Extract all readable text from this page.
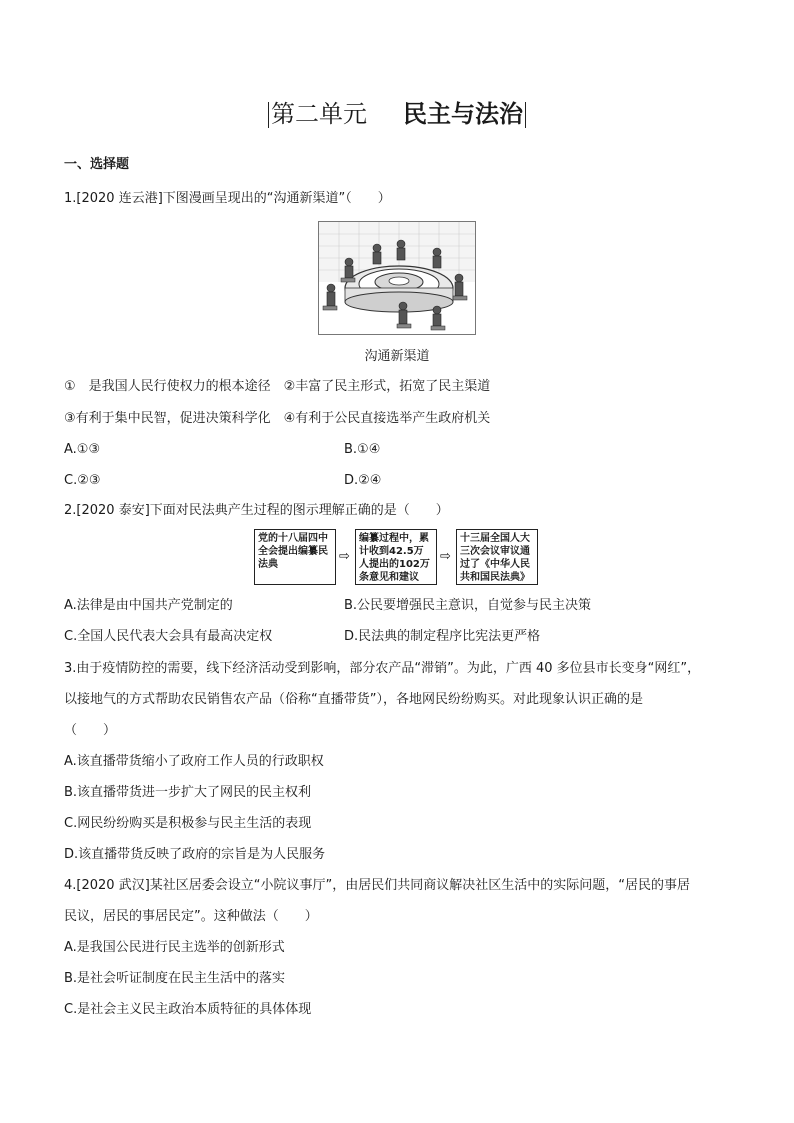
第二单元 民主与法治
一、选择题
1.[2020 连云港]下图漫画呈现出的“沟通新渠道”（　　）
沟通新渠道
①　是我国人民行使权力的根本途径　②丰富了民主形式，拓宽了民主渠道
③有利于集中民智，促进决策科学化　④有利于公民直接选举产生政府机关
A.①③	B.①④
C.②③	D.②④
2.[2020 泰安]下面对民法典产生过程的图示理解正确的是（　　）
党的十八届四中全会提出编纂民法典
⇨
编纂过程中，累计收到42.5万人提出的102万条意见和建议
⇨
十三届全国人大三次会议审议通过了《中华人民共和国民法典》
A.法律是由中国共产党制定的	B.公民要增强民主意识，自觉参与民主决策
C.全国人民代表大会具有最高决定权	D.民法典的制定程序比宪法更严格
3.由于疫情防控的需要，线下经济活动受到影响，部分农产品“滞销”。为此，广西 40 多位县市长变身“网红”，
以接地气的方式帮助农民销售农产品（俗称“直播带货”），各地网民纷纷购买。对此现象认识正确的是
（　　）
A.该直播带货缩小了政府工作人员的行政职权
B.该直播带货进一步扩大了网民的民主权利
C.网民纷纷购买是积极参与民主生活的表现
D.该直播带货反映了政府的宗旨是为人民服务
4.[2020 武汉]某社区居委会设立“小院议事厅”，由居民们共同商议解决社区生活中的实际问题，“居民的事居
民议，居民的事居民定”。这种做法（　　）
A.是我国公民进行民主选举的创新形式
B.是社会听证制度在民主生活中的落实
C.是社会主义民主政治本质特征的具体体现
